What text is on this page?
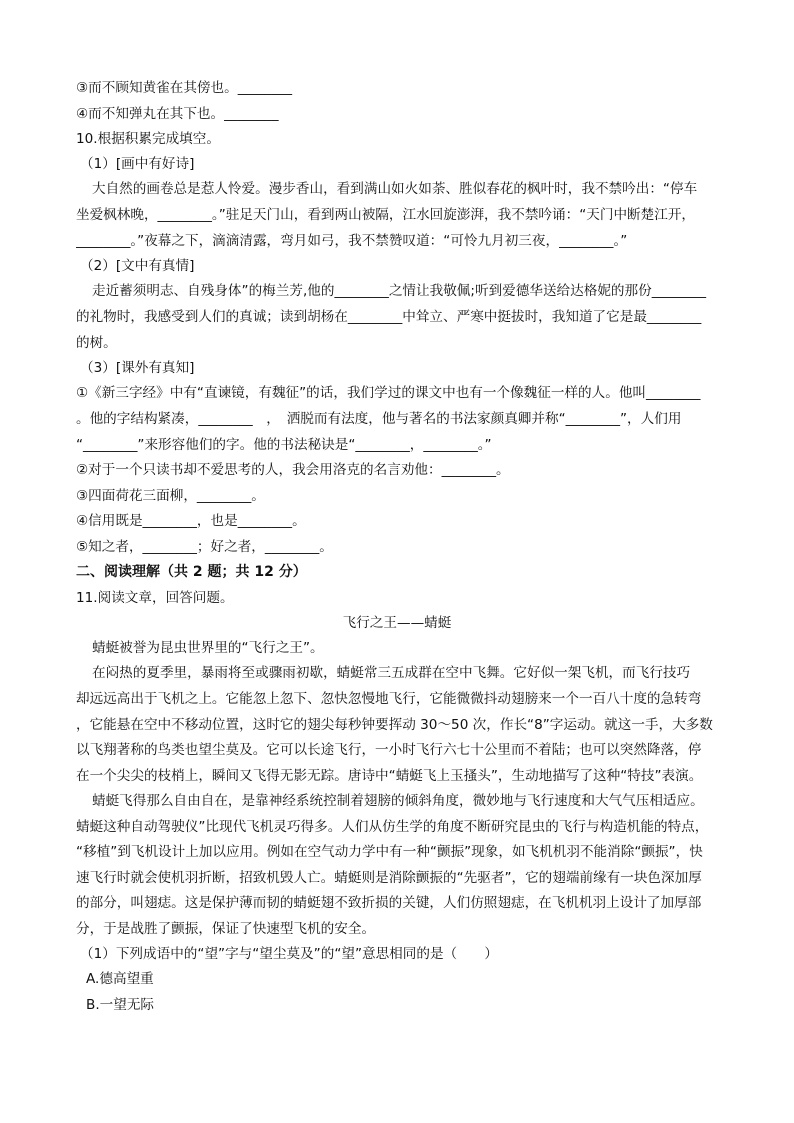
③而不顾知黄雀在其傍也。________
④而不知弹丸在其下也。________
10.根据积累完成填空。
（1）[画中有好诗]
大自然的画卷总是惹人怜爱。漫步香山，看到满山如火如荼、胜似春花的枫叶时，我不禁吟出：“停车
坐爱枫林晚，________。”驻足天门山，看到两山被隔，江水回旋澎湃，我不禁吟诵：“天门中断楚江开，
________。”夜幕之下，滴滴清露，弯月如弓，我不禁赞叹道：“可怜九月初三夜，________。”
（2）[文中有真情]
走近蓄须明志、自残身体”的梅兰芳,他的________之情让我敬佩;听到爱德华送给达格妮的那份________
的礼物时，我感受到人们的真诚；读到胡杨在________中耸立、严寒中挺拔时，我知道了它是最________
的树。
（3）[课外有真知]
①《新三字经》中有“直谏镜，有魏征”的话，我们学过的课文中也有一个像魏征一样的人。他叫________
。他的字结构紧凑，________　，　洒脱而有法度，他与著名的书法家颜真卿并称“________”，人们用
“________”来形容他们的字。他的书法秘诀是“________，________。”
②对于一个只读书却不爱思考的人，我会用洛克的名言劝他：________。
③四面荷花三面柳，________。
④信用既是________，也是________。
⑤知之者，________；好之者，________。
二、阅读理解（共 2 题；共 12 分）
11.阅读文章，回答问题。
飞行之王——蜻蜓
蜻蜓被誉为昆虫世界里的“飞行之王”。
在闷热的夏季里，暴雨将至或骤雨初歇，蜻蜓常三五成群在空中飞舞。它好似一架飞机，而飞行技巧
却远远高出于飞机之上。它能忽上忽下、忽快忽慢地飞行，它能微微抖动翅膀来一个一百八十度的急转弯
，它能悬在空中不移动位置，这时它的翅尖每秒钟要挥动 30～50 次，作长“8”字运动。就这一手，大多数
以飞翔著称的鸟类也望尘莫及。它可以长途飞行，一小时飞行六七十公里而不着陆；也可以突然降落，停
在一个尖尖的枝梢上，瞬间又飞得无影无踪。唐诗中“蜻蜓飞上玉搔头”，生动地描写了这种“特技”表演。
蜻蜓飞得那么自由自在，是靠神经系统控制着翅膀的倾斜角度，微妙地与飞行速度和大气气压相适应。
蜻蜓这种自动驾驶仪”比现代飞机灵巧得多。人们从仿生学的角度不断研究昆虫的飞行与构造机能的特点，
“移植”到飞机设计上加以应用。例如在空气动力学中有一种“颤振”现象，如飞机机羽不能消除“颤振”，快
速飞行时就会使机羽折断，招致机毁人亡。蜻蜓则是消除颤振的“先驱者”，它的翅端前缘有一块色深加厚
的部分，叫翅痣。这是保护薄而韧的蜻蜓翅不致折损的关键，人们仿照翅痣，在飞机机羽上设计了加厚部
分，于是战胜了颤振，保证了快速型飞机的安全。
（1）下列成语中的“望”字与“望尘莫及”的“望”意思相同的是（　　）
A.德高望重
B.一望无际
